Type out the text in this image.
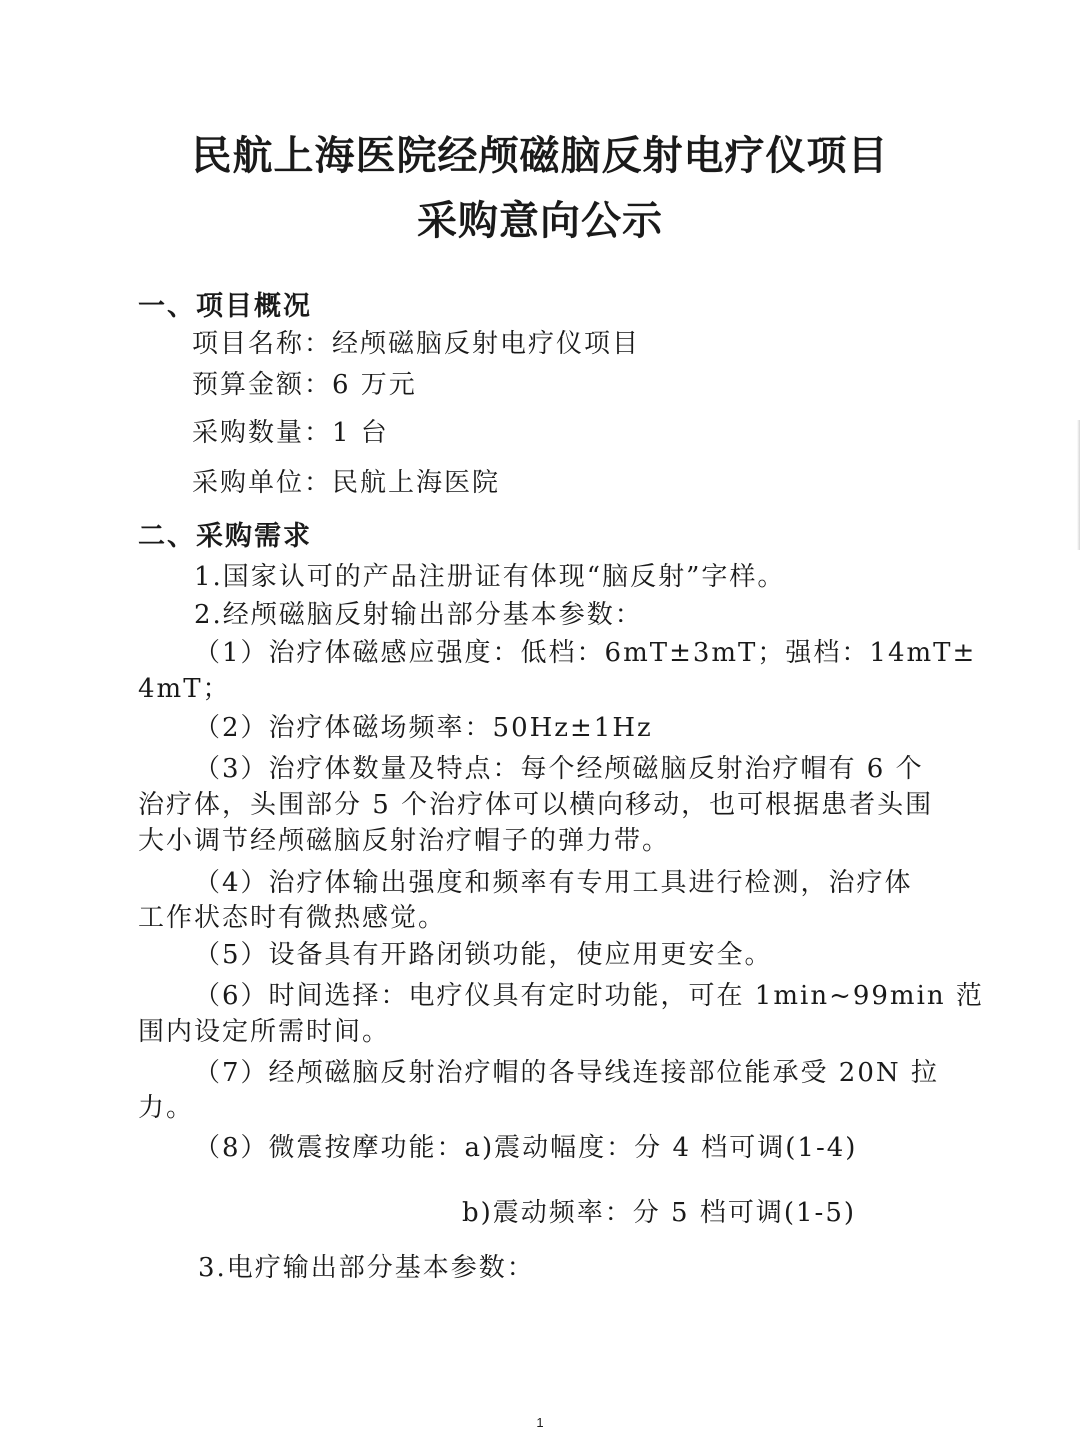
民航上海医院经颅磁脑反射电疗仪项目
采购意向公示
一、项目概况
项目名称：经颅磁脑反射电疗仪项目
预算金额：6 万元
采购数量：1 台
采购单位：民航上海医院
二、采购需求
1.国家认可的产品注册证有体现“脑反射”字样。
2.经颅磁脑反射输出部分基本参数：
（1）治疗体磁感应强度：低档：6mT±3mT；强档：14mT±
4mT；
（2）治疗体磁场频率：50Hz±1Hz
（3）治疗体数量及特点：每个经颅磁脑反射治疗帽有 6 个
治疗体，头围部分 5 个治疗体可以横向移动，也可根据患者头围
大小调节经颅磁脑反射治疗帽子的弹力带。
（4）治疗体输出强度和频率有专用工具进行检测，治疗体
工作状态时有微热感觉。
（5）设备具有开路闭锁功能，使应用更安全。
（6）时间选择：电疗仪具有定时功能，可在 1min~99min 范
围内设定所需时间。
（7）经颅磁脑反射治疗帽的各导线连接部位能承受 20N 拉
力。
（8）微震按摩功能：a)震动幅度：分 4 档可调(1-4)
b)震动频率：分 5 档可调(1-5)
3.电疗输出部分基本参数：
1
